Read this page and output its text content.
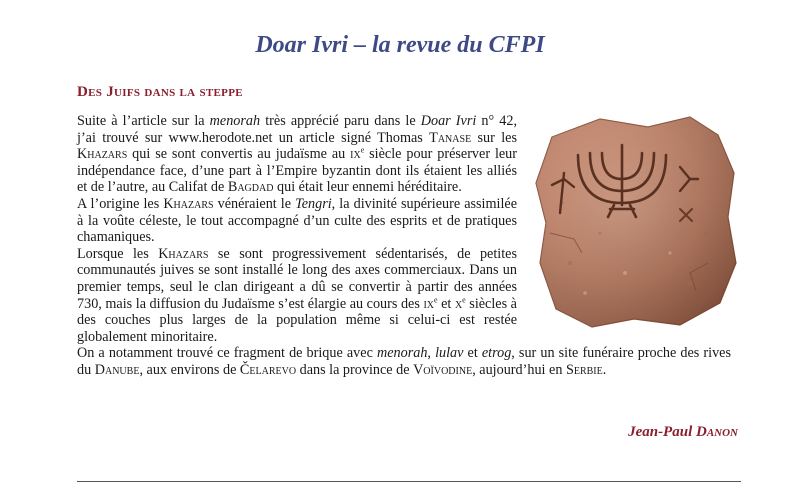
Doar Ivri – la revue du CFPI
Des Juifs dans la steppe

Suite à l’article sur la menorah très apprécié paru dans le Doar Ivri n° 42, j’ai trouvé sur www.herodote.net un article signé Thomas Tanase sur les Khazars qui se sont convertis au judaïsme au $ix^e$ siècle pour préserver leur indépendance face, d’une part à l’Empire byzantin dont ils étaient les alliés et de l’autre, au Califat de Bagdad qui était leur ennemi héréditaire.

A l’origine les Khazars vénéraient le Tengri, la divinité supérieure assimilée à la voûte céleste, le tout accompagné d’un culte des esprits et de pratiques chamaniques.

Lorsque les Khazars se sont progressivement sédentarisés, de petites communautés juives se sont installé le long des axes commerciaux. Dans un premier temps, seul le clan dirigeant a dû se convertir à partir des années 730, mais la diffusion du Judaïsme s’est élargie au cours des $ix^e$ et $x^e$ siècles à des couches plus larges de la population même si celui-ci est restée globalement minoritaire.

On a notamment trouvé ce fragment de brique avec menorah, lulav et etrog, sur un site funéraire proche des rives du Danube, aux environs de Čelarevo dans la province de Voïvodine, aujourd’hui en Serbie.

Jean-Paul Danon
